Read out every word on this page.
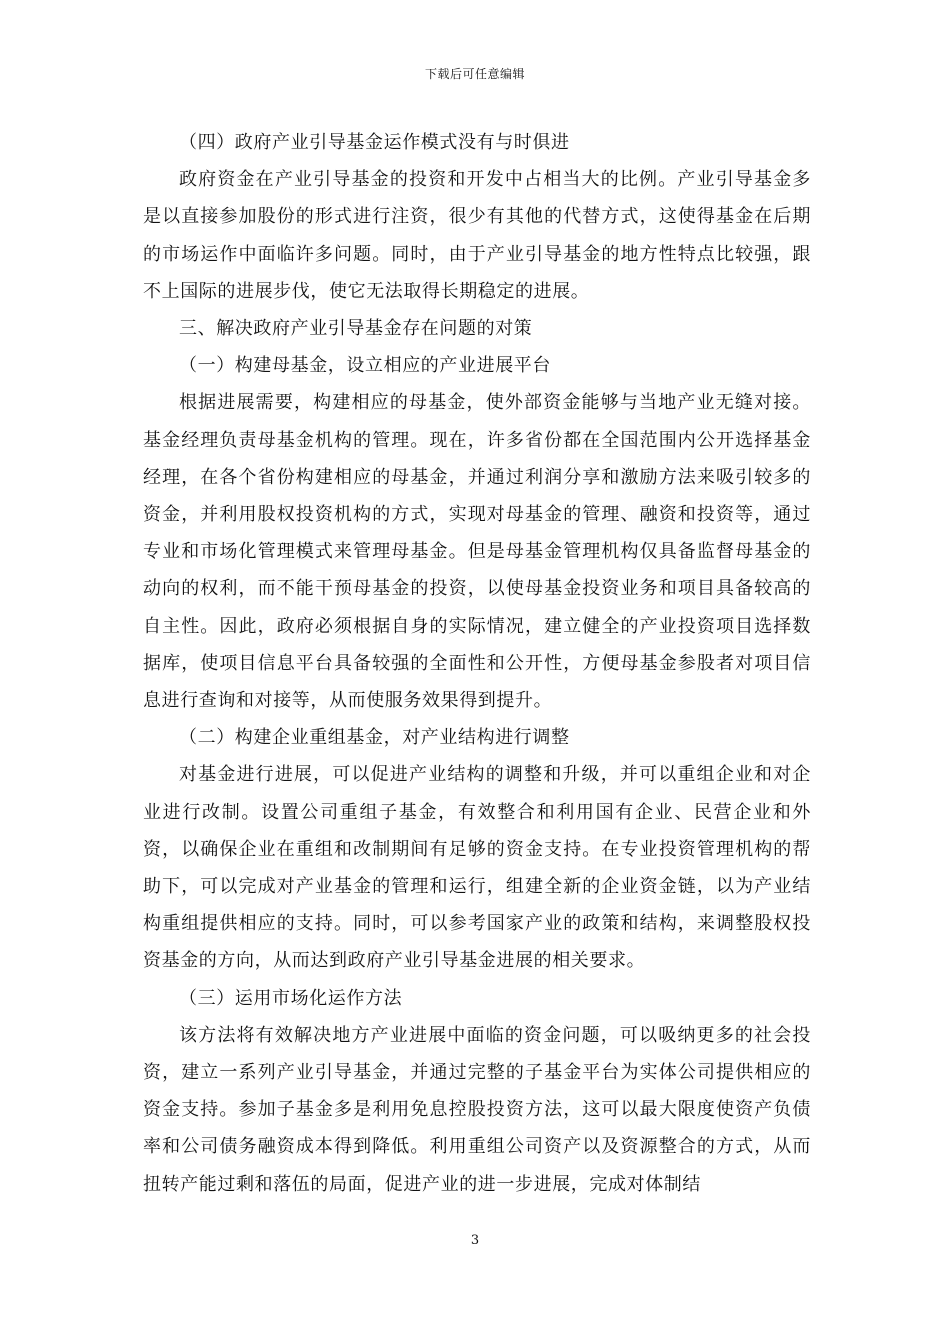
下载后可任意编辑

（四）政府产业引导基金运作模式没有与时俱进

政府资金在产业引导基金的投资和开发中占相当大的比例。产业引导基金多是以直接参加股份的形式进行注资，很少有其他的代替方式，这使得基金在后期的市场运作中面临许多问题。同时，由于产业引导基金的地方性特点比较强，跟不上国际的进展步伐，使它无法取得长期稳定的进展。

三、解决政府产业引导基金存在问题的对策

（一）构建母基金，设立相应的产业进展平台

根据进展需要，构建相应的母基金，使外部资金能够与当地产业无缝对接。基金经理负责母基金机构的管理。现在，许多省份都在全国范围内公开选择基金经理，在各个省份构建相应的母基金，并通过利润分享和激励方法来吸引较多的资金，并利用股权投资机构的方式，实现对母基金的管理、融资和投资等，通过专业和市场化管理模式来管理母基金。但是母基金管理机构仅具备监督母基金的动向的权利，而不能干预母基金的投资，以使母基金投资业务和项目具备较高的自主性。因此，政府必须根据自身的实际情况，建立健全的产业投资项目选择数据库，使项目信息平台具备较强的全面性和公开性，方便母基金参股者对项目信息进行查询和对接等，从而使服务效果得到提升。

（二）构建企业重组基金，对产业结构进行调整

对基金进行进展，可以促进产业结构的调整和升级，并可以重组企业和对企业进行改制。设置公司重组子基金，有效整合和利用国有企业、民营企业和外资，以确保企业在重组和改制期间有足够的资金支持。在专业投资管理机构的帮助下，可以完成对产业基金的管理和运行，组建全新的企业资金链，以为产业结构重组提供相应的支持。同时，可以参考国家产业的政策和结构，来调整股权投资基金的方向，从而达到政府产业引导基金进展的相关要求。

（三）运用市场化运作方法

该方法将有效解决地方产业进展中面临的资金问题，可以吸纳更多的社会投资，建立一系列产业引导基金，并通过完整的子基金平台为实体公司提供相应的资金支持。参加子基金多是利用免息控股投资方法，这可以最大限度使资产负债率和公司债务融资成本得到降低。利用重组公司资产以及资源整合的方式，从而扭转产能过剩和落伍的局面，促进产业的进一步进展，完成对体制结

3
